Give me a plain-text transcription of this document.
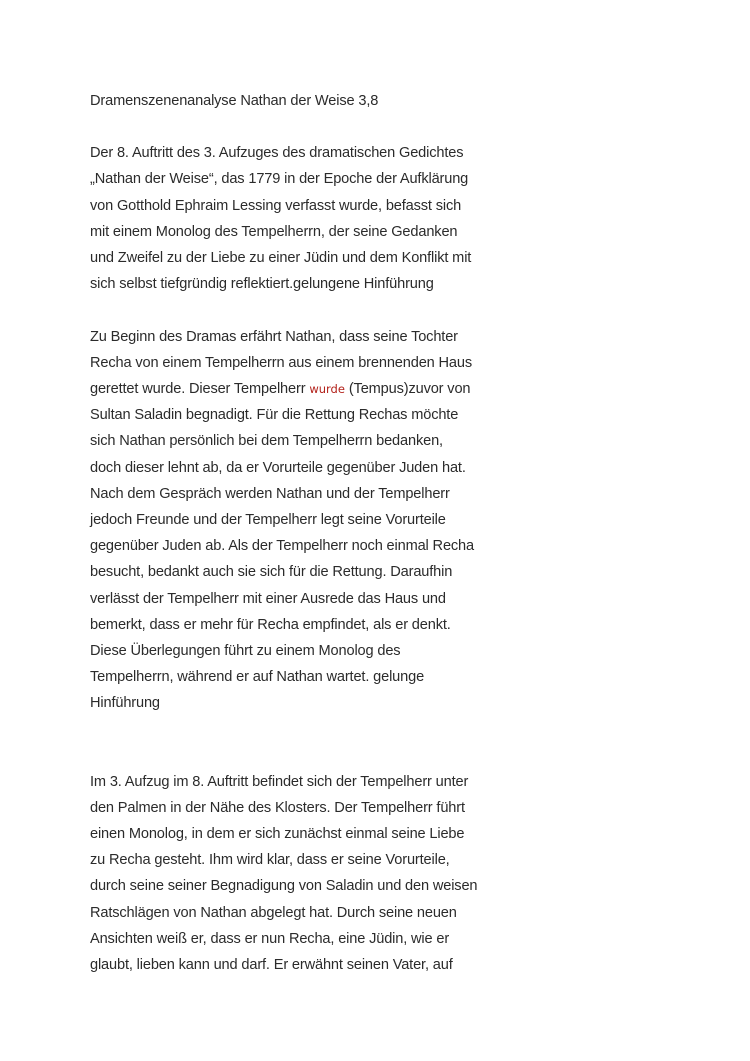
Dramenszenenanalyse Nathan der Weise 3,8
Der 8. Auftritt des 3. Aufzuges des dramatischen Gedichtes
„Nathan der Weise“, das 1779 in der Epoche der Aufklärung
von Gotthold Ephraim Lessing verfasst wurde, befasst sich
mit einem Monolog des Tempelherrn, der seine Gedanken
und Zweifel zu der Liebe zu einer Jüdin und dem Konflikt mit
sich selbst tiefgründig reflektiert.gelungene Hinführung
Zu Beginn des Dramas erfährt Nathan, dass seine Tochter
Recha von einem Tempelherrn aus einem brennenden Haus
gerettet wurde. Dieser Tempelherr wurde (Tempus)zuvor von
Sultan Saladin begnadigt. Für die Rettung Rechas möchte
sich Nathan persönlich bei dem Tempelherrn bedanken,
doch dieser lehnt ab, da er Vorurteile gegenüber Juden hat.
Nach dem Gespräch werden Nathan und der Tempelherr
jedoch Freunde und der Tempelherr legt seine Vorurteile
gegenüber Juden ab. Als der Tempelherr noch einmal Recha
besucht, bedankt auch sie sich für die Rettung. Daraufhin
verlässt der Tempelherr mit einer Ausrede das Haus und
bemerkt, dass er mehr für Recha empfindet, als er denkt.
Diese Überlegungen führt zu einem Monolog des
Tempelherrn, während er auf Nathan wartet. gelunge
Hinführung
Im 3. Aufzug im 8. Auftritt befindet sich der Tempelherr unter
den Palmen in der Nähe des Klosters. Der Tempelherr führt
einen Monolog, in dem er sich zunächst einmal seine Liebe
zu Recha gesteht. Ihm wird klar, dass er seine Vorurteile,
durch seine seiner Begnadigung von Saladin und den weisen
Ratschlägen von Nathan abgelegt hat. Durch seine neuen
Ansichten weiß er, dass er nun Recha, eine Jüdin, wie er
glaubt, lieben kann und darf. Er erwähnt seinen Vater, auf
